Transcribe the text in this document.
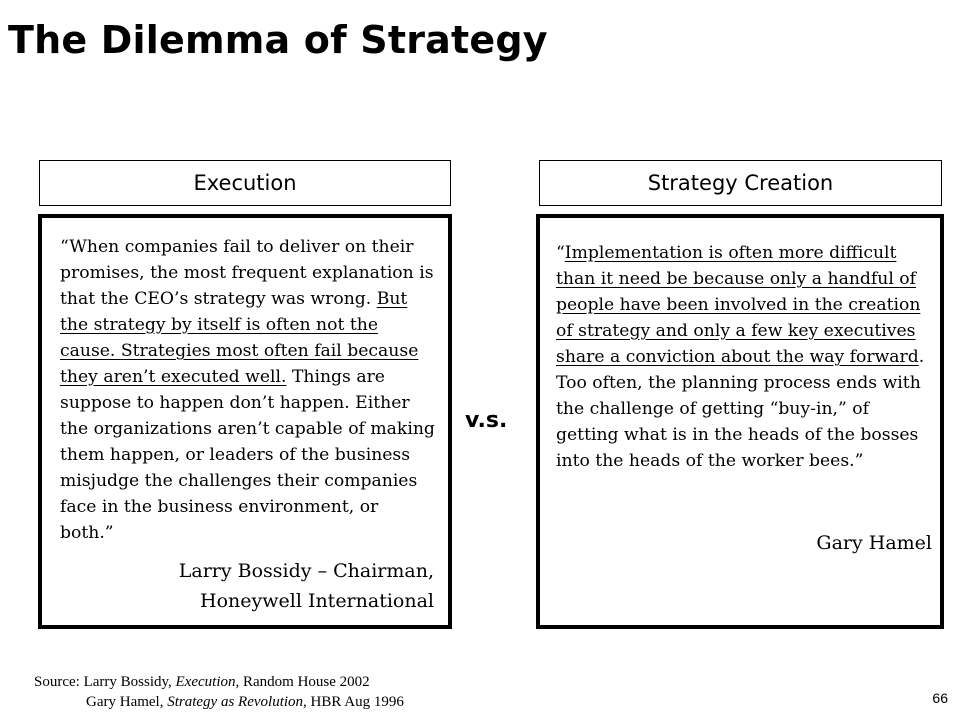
The Dilemma of Strategy
Execution	Strategy Creation

“When companies fail to deliver on their promises, the most frequent explanation is that the CEO’s strategy was wrong. But the strategy by itself is often not the cause. Strategies most often fail because they aren’t executed well. Things are suppose to happen don’t happen. Either the organizations aren’t capable of making them happen, or leaders of the business misjudge the challenges their companies face in the business environment, or both.”

Larry Bossidy – Chairman,
Honeywell International
v.s.

“Implementation is often more difficult than it need be because only a handful of people have been involved in the creation of strategy and only a few key executives share a conviction about the way forward. Too often, the planning process ends with the challenge of getting “buy-in,” of getting what is in the heads of the bosses into the heads of the worker bees.”

Gary Hamel
Source: Larry Bossidy, Execution, Random House 2002
Gary Hamel, Strategy as Revolution, HBR Aug 1996	66
